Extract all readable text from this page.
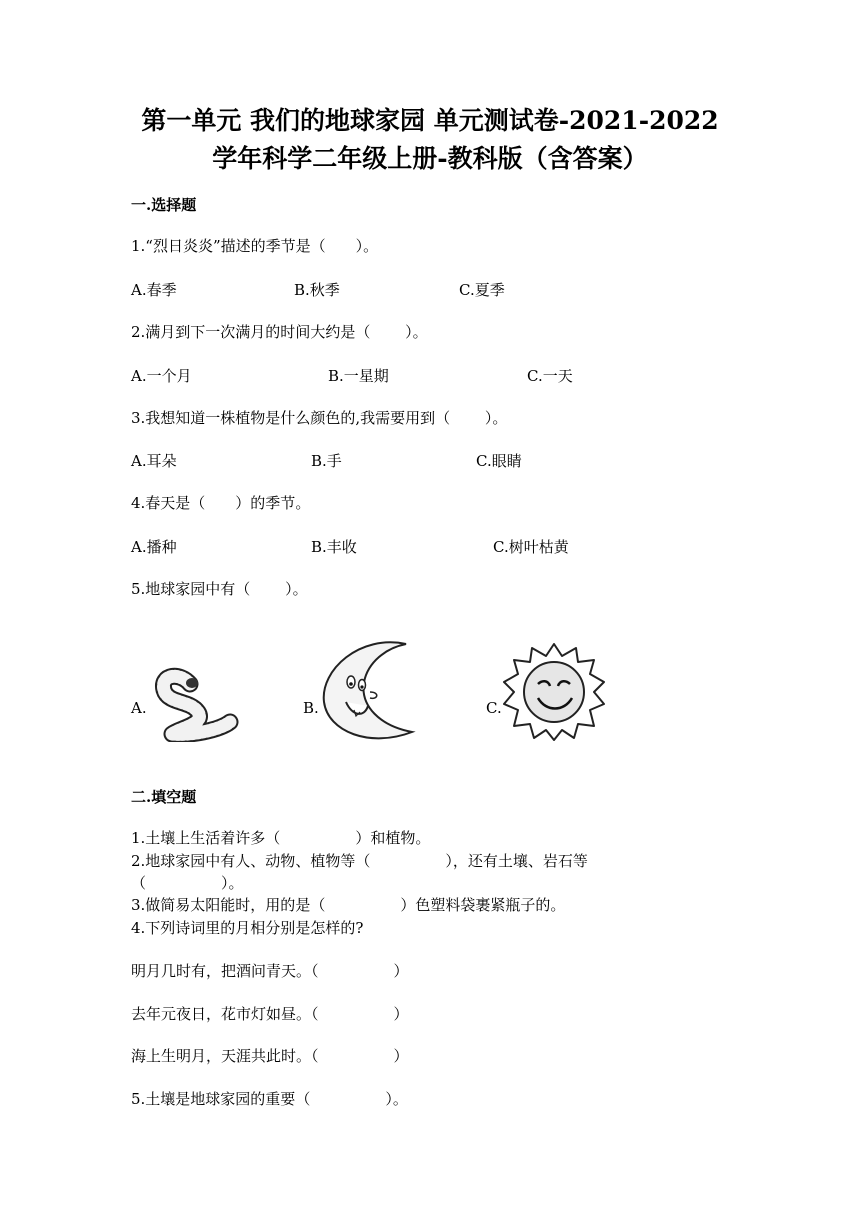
第一单元 我们的地球家园 单元测试卷-2021-2022
学年科学二年级上册-教科版（含答案）
一.选择题
1.“烈日炎炎”描述的季节是（　　）。
A.春季	B.秋季	C.夏季
2.满月到下一次满月的时间大约是（　　 ）。
A.一个月	B.一星期	C.一天
3.我想知道一株植物是什么颜色的,我需要用到（　　 ）。
A.耳朵	B.手	C.眼睛
4.春天是（　　）的季节。
A.播种	B.丰收	C.树叶枯黄
5.地球家园中有（　　 ）。
A.	B.	C.
二.填空题
1.土壤上生活着许多（　　　　　）和植物。
2.地球家园中有人、动物、植物等（　　　　　），还有土壤、岩石等
（　　　　　）。
3.做简易太阳能时，用的是（　　　　　）色塑料袋裹紧瓶子的。
4.下列诗词里的月相分别是怎样的?
明月几时有，把酒问青天。（　　　　　）
去年元夜日，花市灯如昼。（　　　　　）
海上生明月，天涯共此时。（　　　　　）
5.土壤是地球家园的重要（　　　　　）。
